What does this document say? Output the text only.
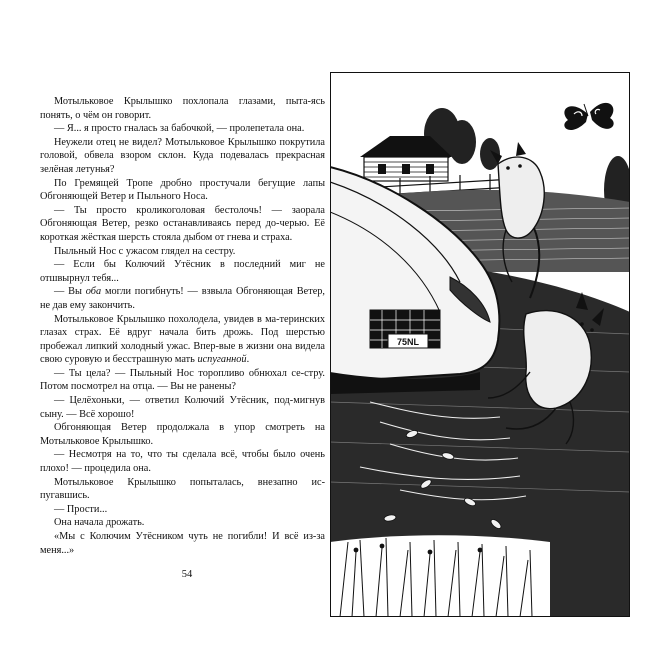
Мотыльковое Крылышко похлопала глазами, пыта-ясь понять, о чём он говорит.

— Я... я просто гналась за бабочкой, — пролепетала она.

Неужели отец не видел? Мотыльковое Крылышко покрутила головой, обвела взором склон. Куда подевалась прекрасная зелёная летунья?

По Гремящей Тропе дробно простучали бегущие лапы Обгоняющей Ветер и Пыльного Носа.

— Ты просто кроликоголовая бестолочь! — заорала Обгоняющая Ветер, резко останавливаясь перед до-черью. Её короткая жёсткая шерсть стояла дыбом от гнева и страха.

Пыльный Нос с ужасом глядел на сестру.

— Если бы Колючий Утёсник в последний миг не отшвырнул тебя...

— Вы оба могли погибнуть! — взвыла Обгоняющая Ветер, не дав ему закончить.

Мотыльковое Крылышко похолодела, увидев в ма-теринских глазах страх. Её вдруг начала бить дрожь. Под шерстью пробежал липкий холодный ужас. Впер-вые в жизни она видела свою суровую и бесстрашную мать испуганной.

— Ты цела? — Пыльный Нос торопливо обнюхал се-стру. Потом посмотрел на отца. — Вы не ранены?

— Целёхоньки, — ответил Колючий Утёсник, под-мигнув сыну. — Всё хорошо!

Обгоняющая Ветер продолжала в упор смотреть на Мотыльковое Крылышко.

— Несмотря на то, что ты сделала всё, чтобы было очень плохо! — процедила она.

Мотыльковое Крылышко попыталась, внезапно ис-пугавшись.

— Прости...

Она начала дрожать.

«Мы с Колючим Утёсником чуть не погибли! И всё из-за меня...»

54
75NL
